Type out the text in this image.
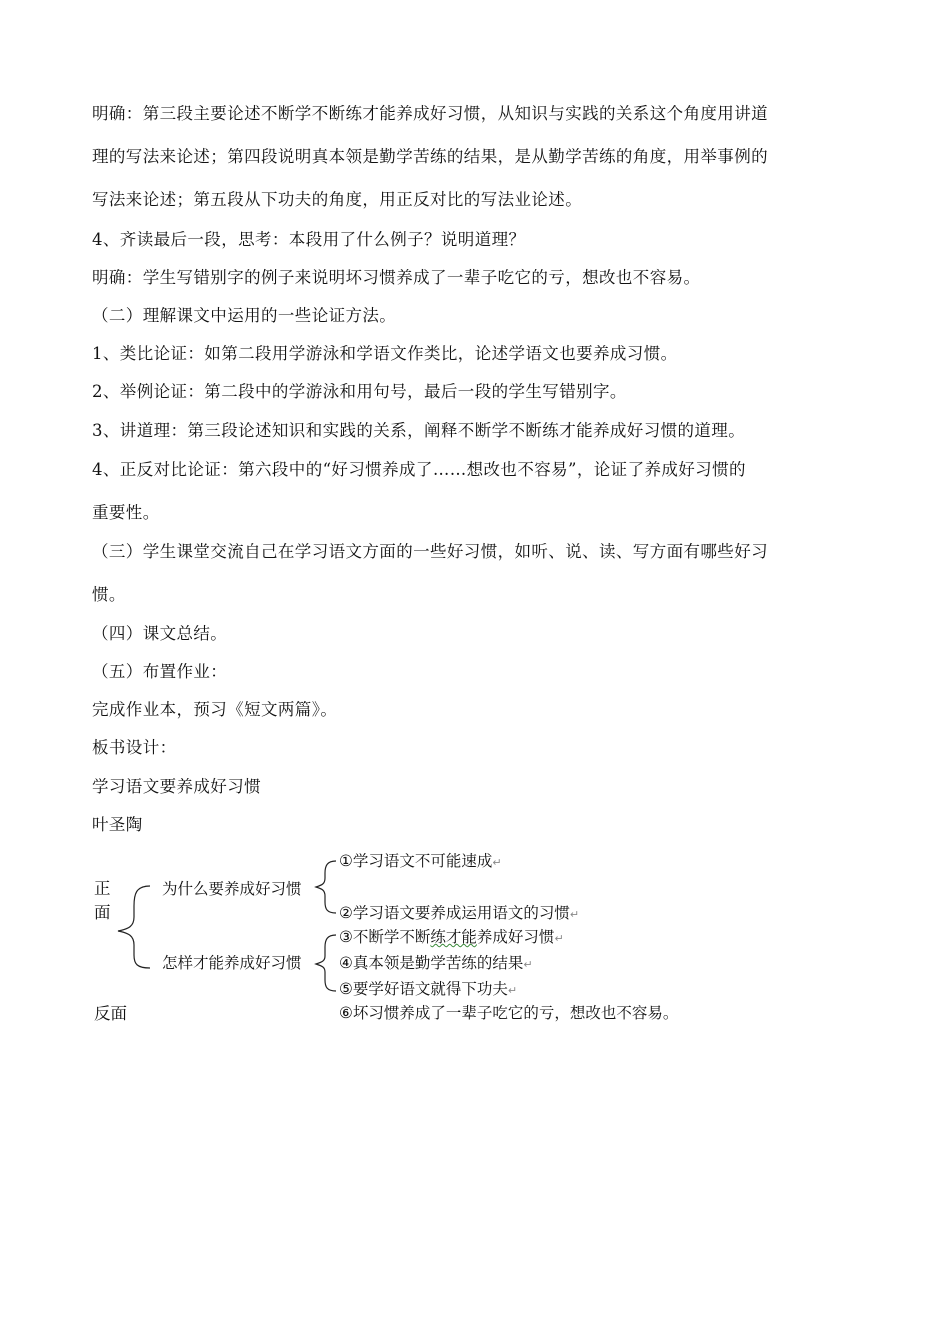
明确：第三段主要论述不断学不断练才能养成好习惯，从知识与实践的关系这个角度用讲道

理的写法来论述；第四段说明真本领是勤学苦练的结果，是从勤学苦练的角度，用举事例的

写法来论述；第五段从下功夫的角度，用正反对比的写法业论述。

4、齐读最后一段，思考：本段用了什么例子？说明道理？

明确：学生写错别字的例子来说明坏习惯养成了一辈子吃它的亏，想改也不容易。

（二）理解课文中运用的一些论证方法。

1、类比论证：如第二段用学游泳和学语文作类比，论述学语文也要养成习惯。

2、举例论证：第二段中的学游泳和用句号，最后一段的学生写错别字。

3、讲道理：第三段论述知识和实践的关系，阐释不断学不断练才能养成好习惯的道理。

4、正反对比论证：第六段中的“好习惯养成了……想改也不容易”，论证了养成好习惯的

重要性。

（三）学生课堂交流自己在学习语文方面的一些好习惯，如听、说、读、写方面有哪些好习

惯。

（四）课文总结。

（五）布置作业：

完成作业本，预习《短文两篇》。

板书设计：

学习语文要养成好习惯

叶圣陶

正

面

反面

为什么要养成好习惯

怎样才能养成好习惯

①学习语文不可能速成↵

②学习语文要养成运用语文的习惯↵

③不断学不断练才能养成好习惯↵

④真本领是勤学苦练的结果↵

⑤要学好语文就得下功夫↵

⑥坏习惯养成了一辈子吃它的亏，想改也不容易。
